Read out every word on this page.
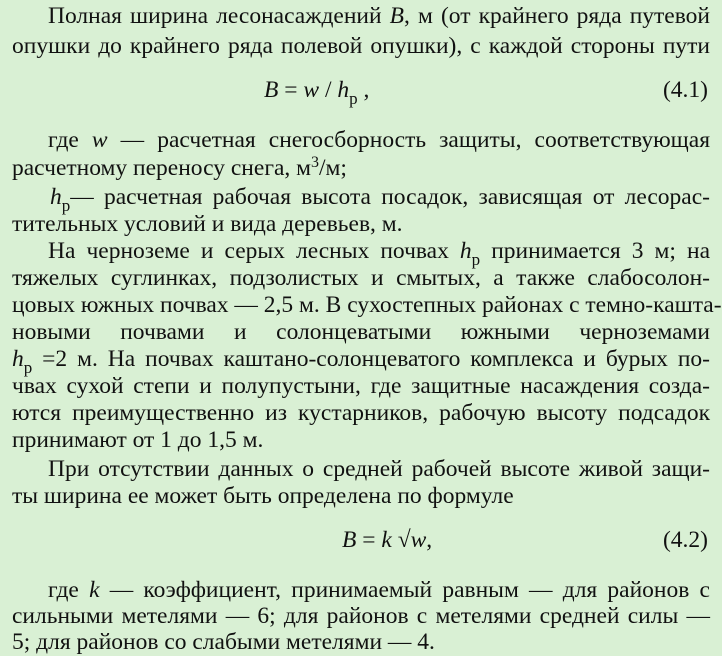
Полная ширина лесонасаждений B, м (от крайнего ряда путевой
опушки до крайнего ряда полевой опушки), с каждой стороны пути
$B = w / h_р$ ,	(4.1)
где w — расчетная снегосборность защиты, соответствующая
расчетному переносу снега, $м^3/м$;
$h_р—$ расчетная рабочая высота посадок, зависящая от лесорас-
тительных условий и вида деревьев, м.
На черноземе и серых лесных почвах $h_р$ принимается 3 м; на
тяжелых суглинках, подзолистых и смытых, а также слабосолон-
цовых южных почвах — 2,5 м. В сухостепных районах с темно-кашта-
новыми почвами и солонцеватыми южными черноземами
$h_р =2$ м. На почвах каштано-солонцеватого комплекса и бурых по-
чвах сухой степи и полупустыни, где защитные насаждения созда-
ются преимущественно из кустарников, рабочую высоту подсадок
принимают от 1 до 1,5 м.
При отсутствии данных о средней рабочей высоте живой защи-
ты ширина ее может быть определена по формуле
B = k √w,	(4.2)
где k — коэффициент, принимаемый равным — для районов с
сильными метелями — 6; для районов с метелями средней силы —
5; для районов со слабыми метелями — 4.
